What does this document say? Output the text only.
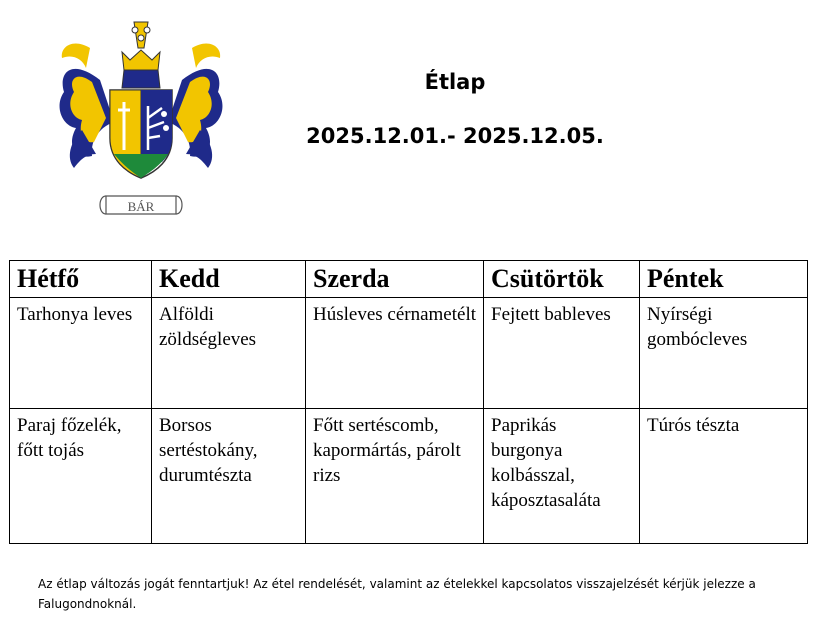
BÁR
Étlap
2025.12.01.- 2025.12.05.
Hétfő	Kedd	Szerda	Csütörtök	Péntek
Tarhonya leves	Alföldi zöldségleves	Húsleves cérnametélt	Fejtett bableves	Nyírségi gombócleves
Paraj főzelék, főtt tojás	Borsos sertéstokány, durumtészta	Főtt sertéscomb, kapormártás, párolt rizs	Paprikás burgonya kolbásszal, káposztasaláta	Túrós tészta
Az étlap változás jogát fenntartjuk! Az étel rendelését, valamint az ételekkel kapcsolatos visszajelzését kérjük jelezze a Falugondnoknál.
